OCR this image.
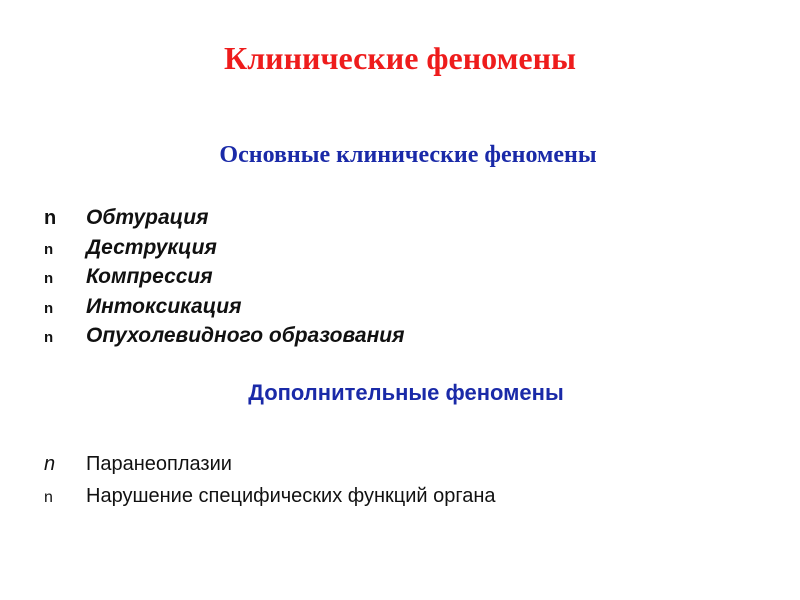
Клинические феномены
Основные клинические феномены
n Обтурация
n Деструкция
n Компрессия
n Интоксикация
n Опухолевидного образования
Дополнительные феномены
n Паранеоплазии
n Нарушение специфических функций органа
